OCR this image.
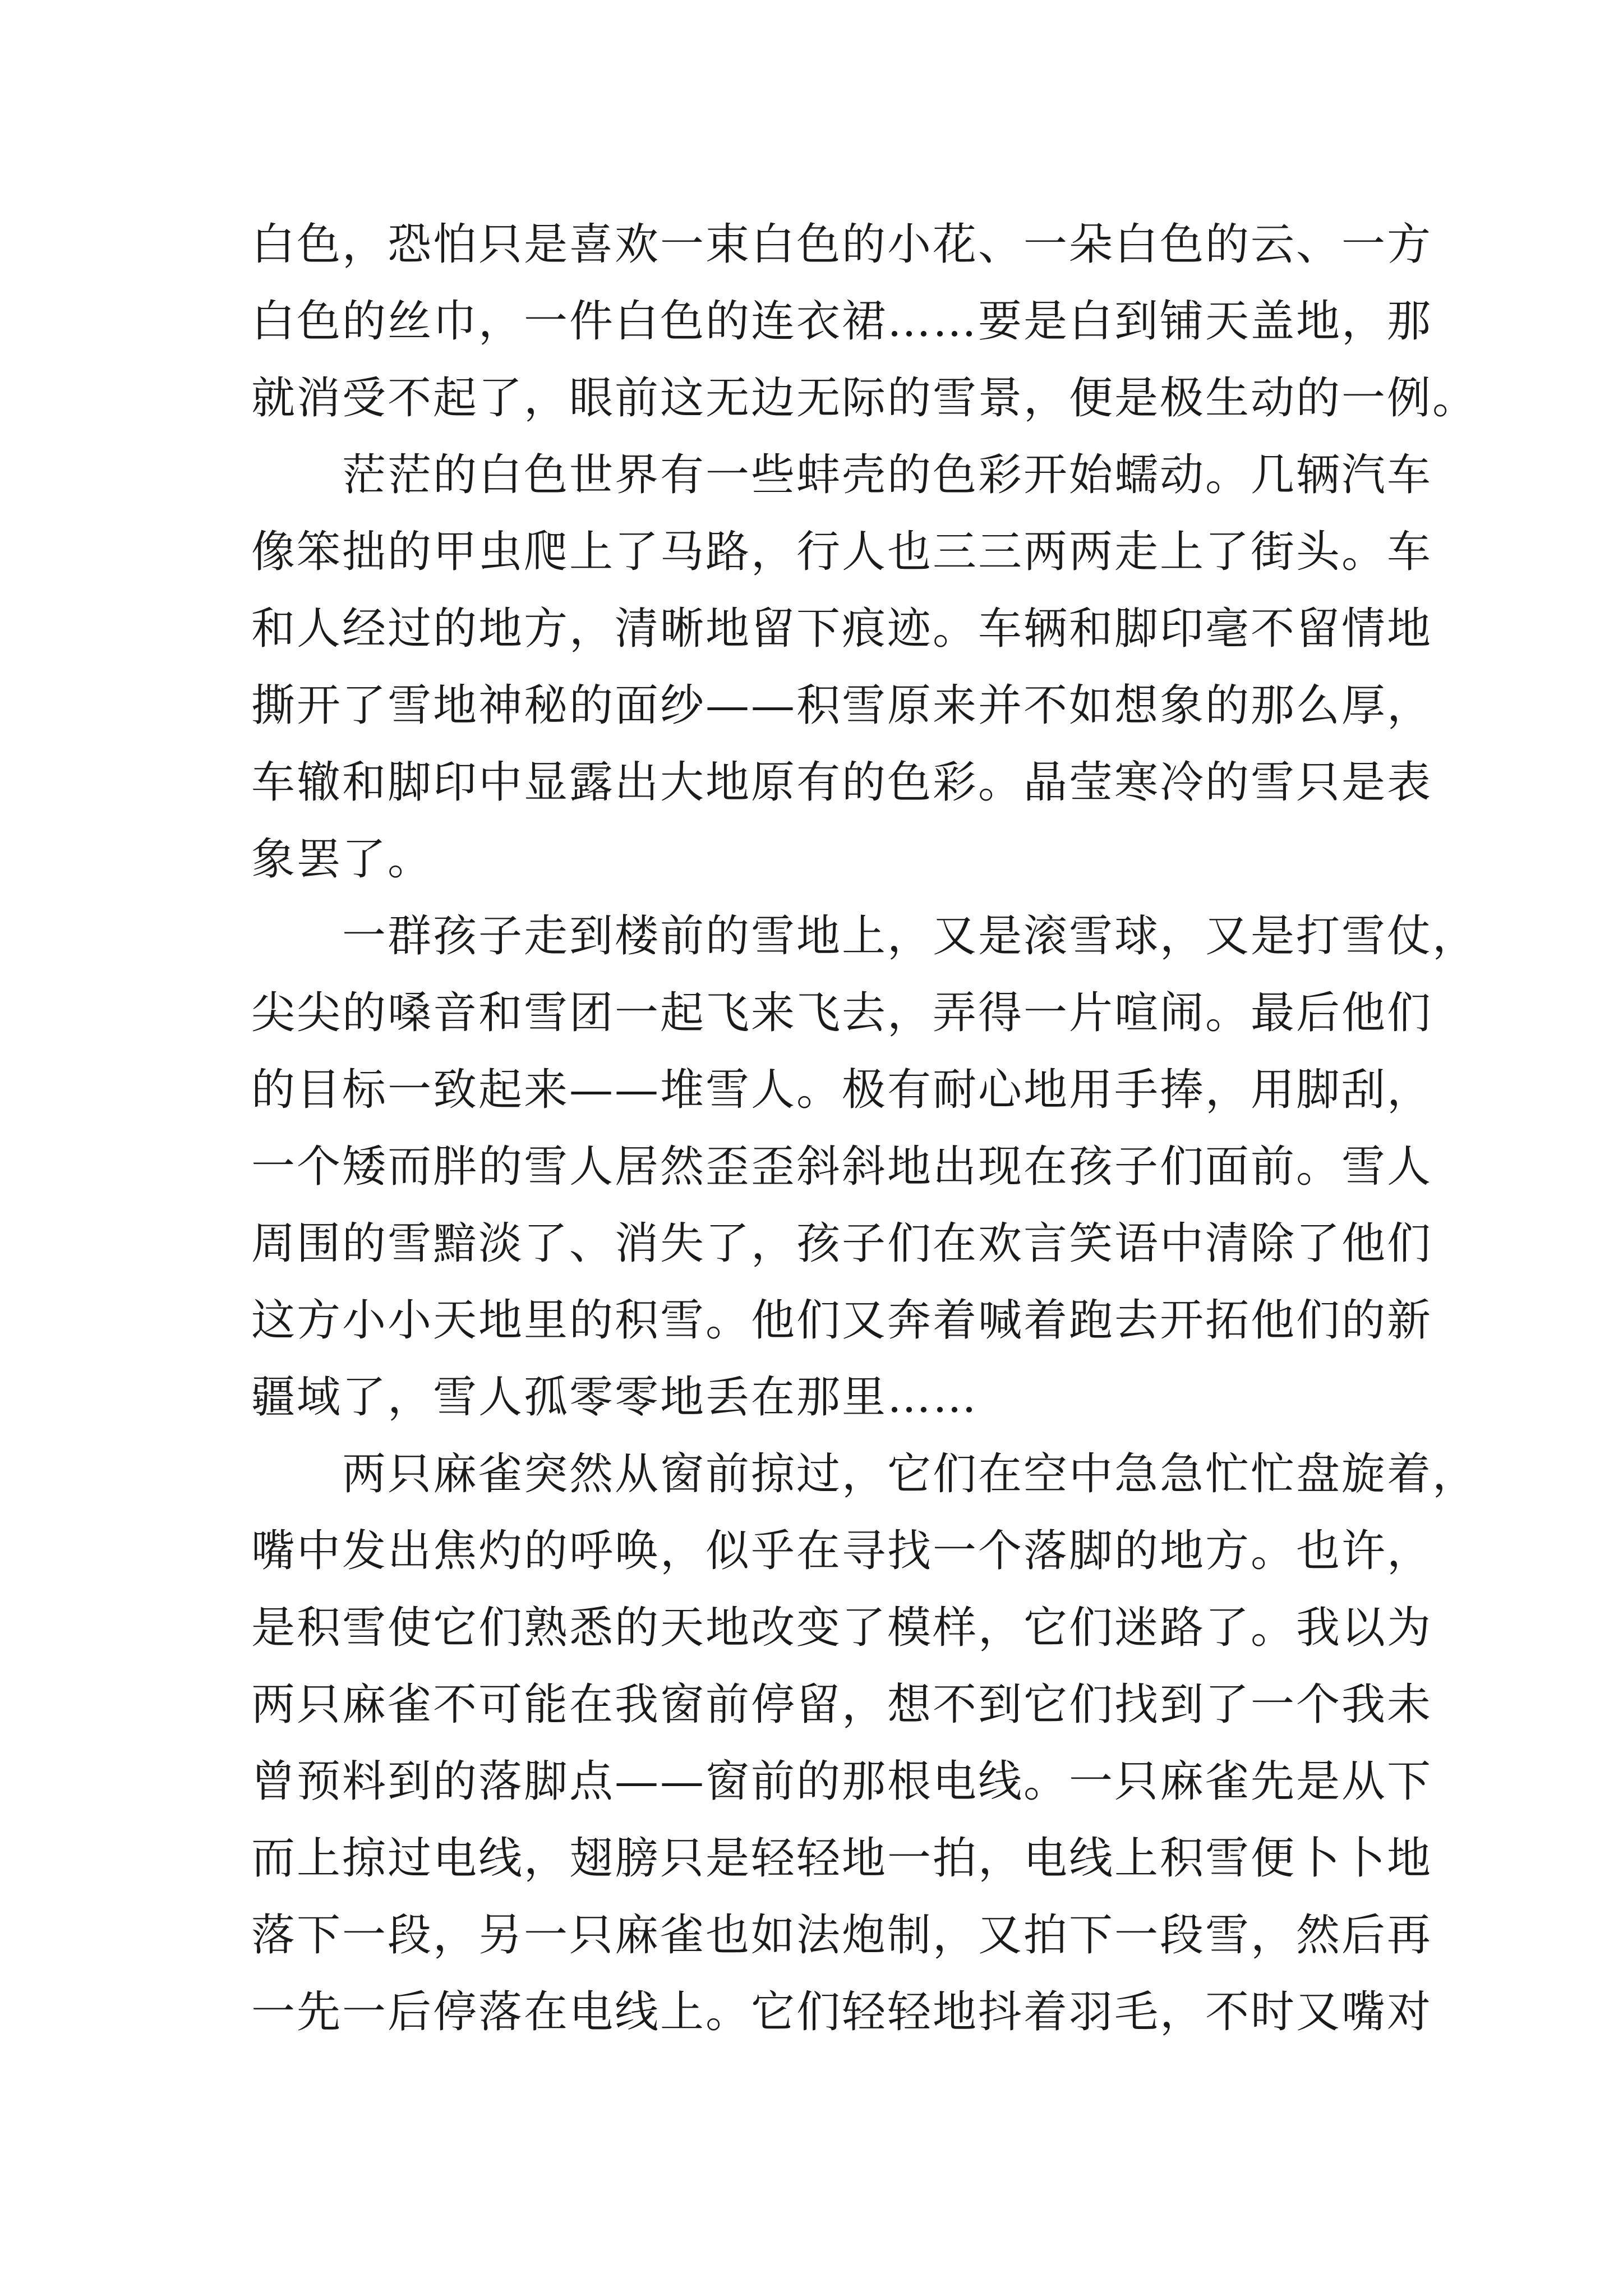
白色，恐怕只是喜欢一束白色的小花、一朵白色的云、一方
白色的丝巾，一件白色的连衣裙……要是白到铺天盖地，那
就消受不起了，眼前这无边无际的雪景，便是极生动的一例。
茫茫的白色世界有一些蚌壳的色彩开始蠕动。几辆汽车
像笨拙的甲虫爬上了马路，行人也三三两两走上了街头。车
和人经过的地方，清晰地留下痕迹。车辆和脚印毫不留情地
撕开了雪地神秘的面纱——积雪原来并不如想象的那么厚，
车辙和脚印中显露出大地原有的色彩。晶莹寒冷的雪只是表
象罢了。
一群孩子走到楼前的雪地上，又是滚雪球，又是打雪仗，
尖尖的嗓音和雪团一起飞来飞去，弄得一片喧闹。最后他们
的目标一致起来——堆雪人。极有耐心地用手捧，用脚刮，
一个矮而胖的雪人居然歪歪斜斜地出现在孩子们面前。雪人
周围的雪黯淡了、消失了，孩子们在欢言笑语中清除了他们
这方小小天地里的积雪。他们又奔着喊着跑去开拓他们的新
疆域了，雪人孤零零地丢在那里……
两只麻雀突然从窗前掠过，它们在空中急急忙忙盘旋着，
嘴中发出焦灼的呼唤，似乎在寻找一个落脚的地方。也许，
是积雪使它们熟悉的天地改变了模样，它们迷路了。我以为
两只麻雀不可能在我窗前停留，想不到它们找到了一个我未
曾预料到的落脚点——窗前的那根电线。一只麻雀先是从下
而上掠过电线，翅膀只是轻轻地一拍，电线上积雪便卜卜地
落下一段，另一只麻雀也如法炮制，又拍下一段雪，然后再
一先一后停落在电线上。它们轻轻地抖着羽毛，不时又嘴对
